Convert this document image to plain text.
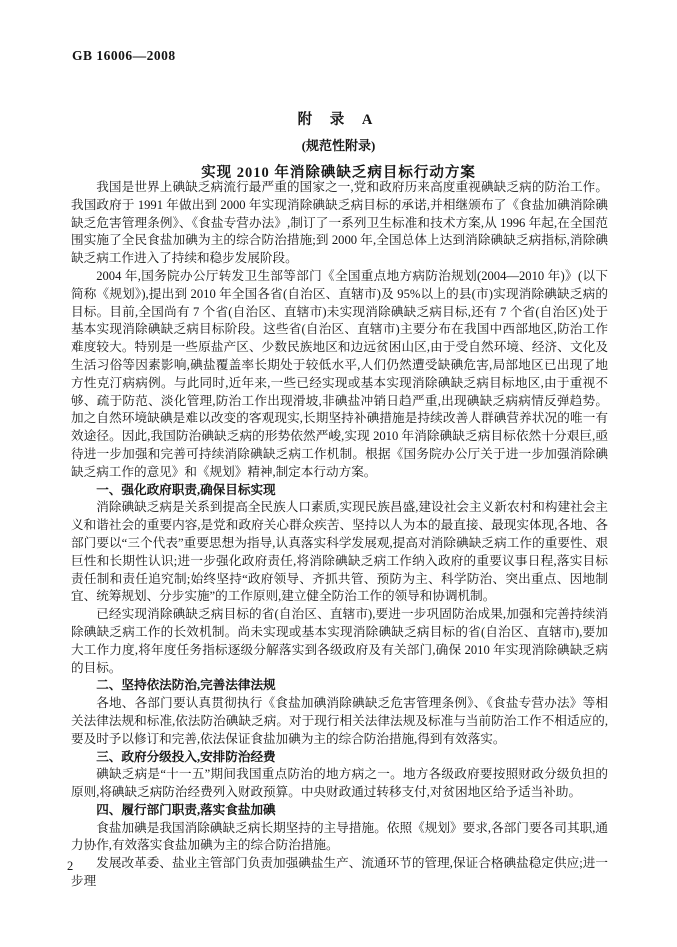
GB 16006—2008
附 录 A
(规范性附录)
实现 2010 年消除碘缺乏病目标行动方案

我国是世界上碘缺乏病流行最严重的国家之一,党和政府历来高度重视碘缺乏病的防治工作。我国政府于 1991 年做出到 2000 年实现消除碘缺乏病目标的承诺,并相继颁布了《食盐加碘消除碘缺乏危害管理条例》、《食盐专营办法》,制订了一系列卫生标准和技术方案,从 1996 年起,在全国范围实施了全民食盐加碘为主的综合防治措施;到 2000 年,全国总体上达到消除碘缺乏病指标,消除碘缺乏病工作进入了持续和稳步发展阶段。

2004 年,国务院办公厅转发卫生部等部门《全国重点地方病防治规划(2004—2010 年)》(以下简称《规划》),提出到 2010 年全国各省(自治区、直辖市)及 95%以上的县(市)实现消除碘缺乏病的目标。目前,全国尚有 7 个省(自治区、直辖市)未实现消除碘缺乏病目标,还有 7 个省(自治区)处于基本实现消除碘缺乏病目标阶段。这些省(自治区、直辖市)主要分布在我国中西部地区,防治工作难度较大。特别是一些原盐产区、少数民族地区和边远贫困山区,由于受自然环境、经济、文化及生活习俗等因素影响,碘盐覆盖率长期处于较低水平,人们仍然遭受缺碘危害,局部地区已出现了地方性克汀病病例。与此同时,近年来,一些已经实现或基本实现消除碘缺乏病目标地区,由于重视不够、疏于防范、淡化管理,防治工作出现滑坡,非碘盐冲销日趋严重,出现碘缺乏病病情反弹趋势。加之自然环境缺碘是难以改变的客观现实,长期坚持补碘措施是持续改善人群碘营养状况的唯一有效途径。因此,我国防治碘缺乏病的形势依然严峻,实现 2010 年消除碘缺乏病目标依然十分艰巨,亟待进一步加强和完善可持续消除碘缺乏病工作机制。根据《国务院办公厅关于进一步加强消除碘缺乏病工作的意见》和《规划》精神,制定本行动方案。

一、强化政府职责,确保目标实现

消除碘缺乏病是关系到提高全民族人口素质,实现民族昌盛,建设社会主义新农村和构建社会主义和谐社会的重要内容,是党和政府关心群众疾苦、坚持以人为本的最直接、最现实体现,各地、各部门要以“三个代表”重要思想为指导,认真落实科学发展观,提高对消除碘缺乏病工作的重要性、艰巨性和长期性认识;进一步强化政府责任,将消除碘缺乏病工作纳入政府的重要议事日程,落实目标责任制和责任追究制;始终坚持“政府领导、齐抓共管、预防为主、科学防治、突出重点、因地制宜、统筹规划、分步实施”的工作原则,建立健全防治工作的领导和协调机制。

已经实现消除碘缺乏病目标的省(自治区、直辖市),要进一步巩固防治成果,加强和完善持续消除碘缺乏病工作的长效机制。尚未实现或基本实现消除碘缺乏病目标的省(自治区、直辖市),要加大工作力度,将年度任务指标逐级分解落实到各级政府及有关部门,确保 2010 年实现消除碘缺乏病的目标。

二、坚持依法防治,完善法律法规

各地、各部门要认真贯彻执行《食盐加碘消除碘缺乏危害管理条例》、《食盐专营办法》等相关法律法规和标准,依法防治碘缺乏病。对于现行相关法律法规及标准与当前防治工作不相适应的,要及时予以修订和完善,依法保证食盐加碘为主的综合防治措施,得到有效落实。

三、政府分级投入,安排防治经费

碘缺乏病是“十一五”期间我国重点防治的地方病之一。地方各级政府要按照财政分级负担的原则,将碘缺乏病防治经费列入财政预算。中央财政通过转移支付,对贫困地区给予适当补助。

四、履行部门职责,落实食盐加碘

食盐加碘是我国消除碘缺乏病长期坚持的主导措施。依照《规划》要求,各部门要各司其职,通力协作,有效落实食盐加碘为主的综合防治措施。

发展改革委、盐业主管部门负责加强碘盐生产、流通环节的管理,保证合格碘盐稳定供应;进一步理

2
